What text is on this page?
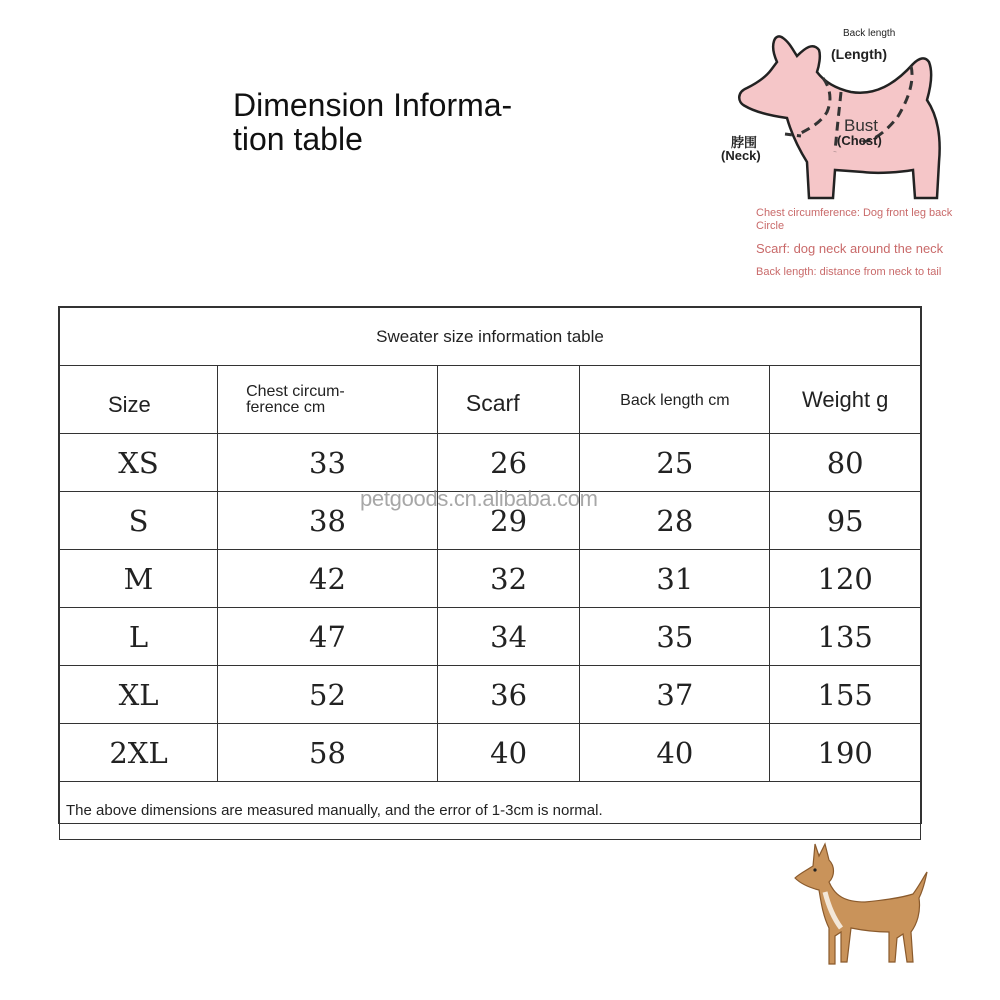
Dimension Informa-
tion table
Back length
(Length)
脖围
(Neck)
Bust
(Chest)
Chest circumference: Dog front leg back Circle
Scarf: dog neck around the neck
Back length: distance from neck to tail
Sweater size information table				
Size	Chest circum-
ference cm	Scarf	Back length cm	Weight g
XS	33	26	25	80
S	38	29	28	95
M	42	32	31	120
L	47	34	35	135
XL	52	36	37	155
2XL	58	40	40	190
The above dimensions are measured manually, and the error of 1-3cm is normal.				
petgoods.cn.alibaba.com
